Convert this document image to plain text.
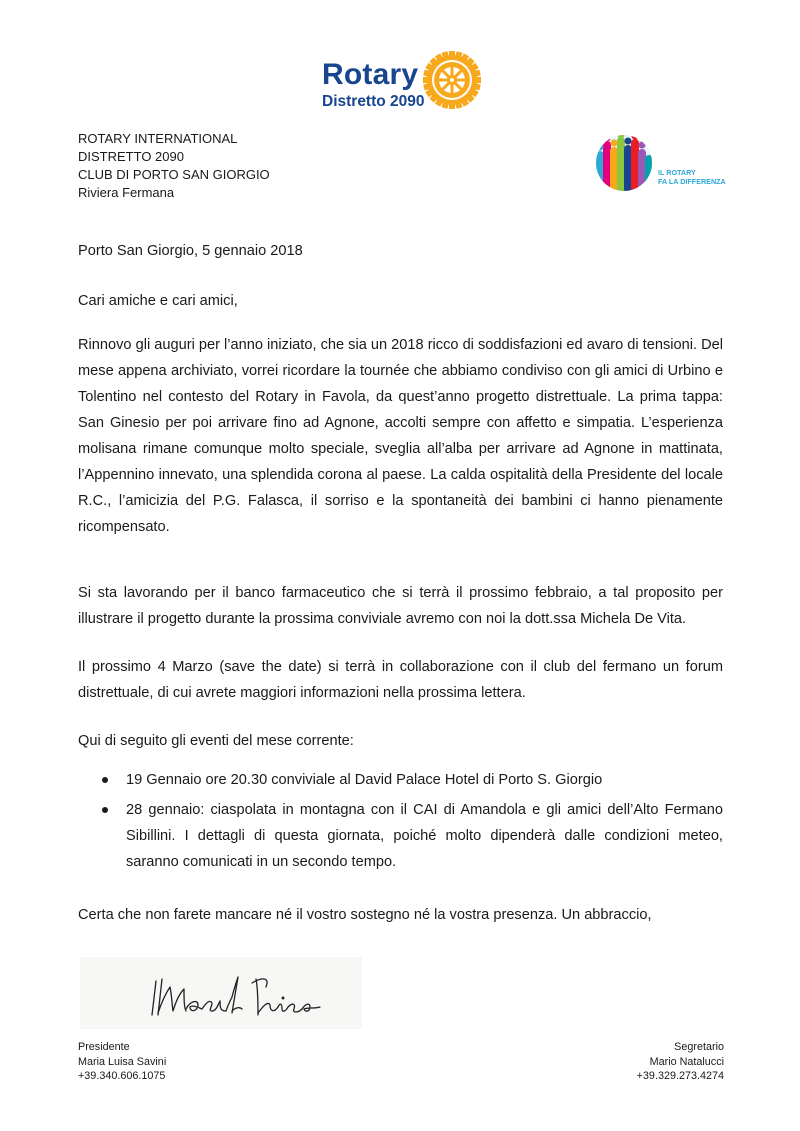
Rotary
Distretto 2090
ROTARY INTERNATIONAL
DISTRETTO 2090
CLUB DI PORTO SAN GIORGIO
Riviera Fermana
IL ROTARY
FA LA DIFFERENZA
Porto San Giorgio, 5 gennaio 2018
Cari amiche e cari amici,
Rinnovo gli auguri per l’anno iniziato, che sia un 2018 ricco di soddisfazioni ed avaro di tensioni. Del mese appena archiviato, vorrei ricordare la tournée che abbiamo condiviso con gli amici di Urbino e Tolentino nel contesto del Rotary in Favola, da quest’anno progetto distrettuale. La prima tappa: San Ginesio per poi arrivare fino ad Agnone, accolti sempre con affetto e simpatia. L’esperienza molisana rimane comunque molto speciale, sveglia all’alba per arrivare ad Agnone in mattinata, l’Appennino innevato, una splendida corona al paese. La calda ospitalità della Presidente del locale R.C., l’amicizia del P.G. Falasca, il sorriso e la spontaneità dei bambini ci hanno pienamente ricompensato.
Si sta lavorando per il banco farmaceutico che si terrà il prossimo febbraio, a tal proposito per illustrare il progetto durante la prossima conviviale avremo con noi la dott.ssa Michela De Vita.
Il prossimo 4 Marzo (save the date) si terrà in collaborazione con il club del fermano un forum distrettuale, di cui avrete maggiori informazioni nella prossima lettera.
Qui di seguito gli eventi del mese corrente:
19 Gennaio ore 20.30 conviviale al David Palace Hotel di Porto S. Giorgio
28 gennaio: ciaspolata in montagna con il CAI di Amandola e gli amici dell’Alto Fermano Sibillini. I dettagli di questa giornata, poiché molto dipenderà dalle condizioni meteo, saranno comunicati in un secondo tempo.
Certa che non farete mancare né il vostro sostegno né la vostra presenza. Un abbraccio,
Presidente
Maria Luisa Savini
+39.340.606.1075
Segretario
Mario Natalucci
+39.329.273.4274
